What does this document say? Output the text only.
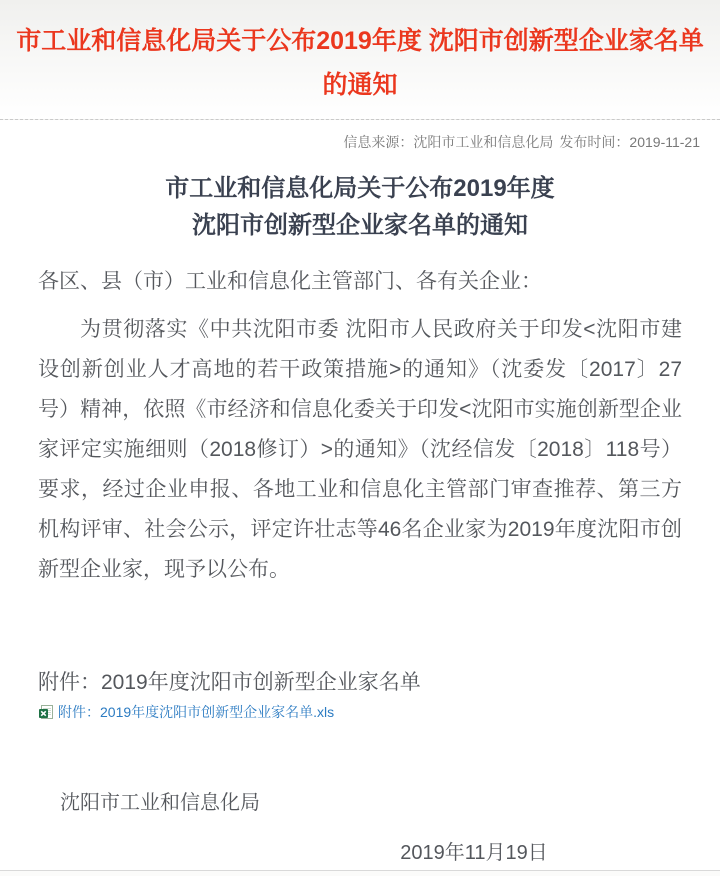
市工业和信息化局关于公布2019年度 沈阳市创新型企业家名单
的通知
信息来源：沈阳市工业和信息化局 发布时间：2019-11-21
市工业和信息化局关于公布2019年度
沈阳市创新型企业家名单的通知

各区、县（市）工业和信息化主管部门、各有关企业：

为贯彻落实《中共沈阳市委 沈阳市人民政府关于印发<沈阳市建设创新创业人才高地的若干政策措施>的通知》（沈委发〔2017〕27号）精神，依照《市经济和信息化委关于印发<沈阳市实施创新型企业家评定实施细则（2018修订）>的通知》（沈经信发〔2018〕118号）要求，经过企业申报、各地工业和信息化主管部门审查推荐、第三方机构评审、社会公示，评定许壮志等46名企业家为2019年度沈阳市创新型企业家，现予以公布。

附件：2019年度沈阳市创新型企业家名单
附件：2019年度沈阳市创新型企业家名单.xls
沈阳市工业和信息化局
2019年11月19日
